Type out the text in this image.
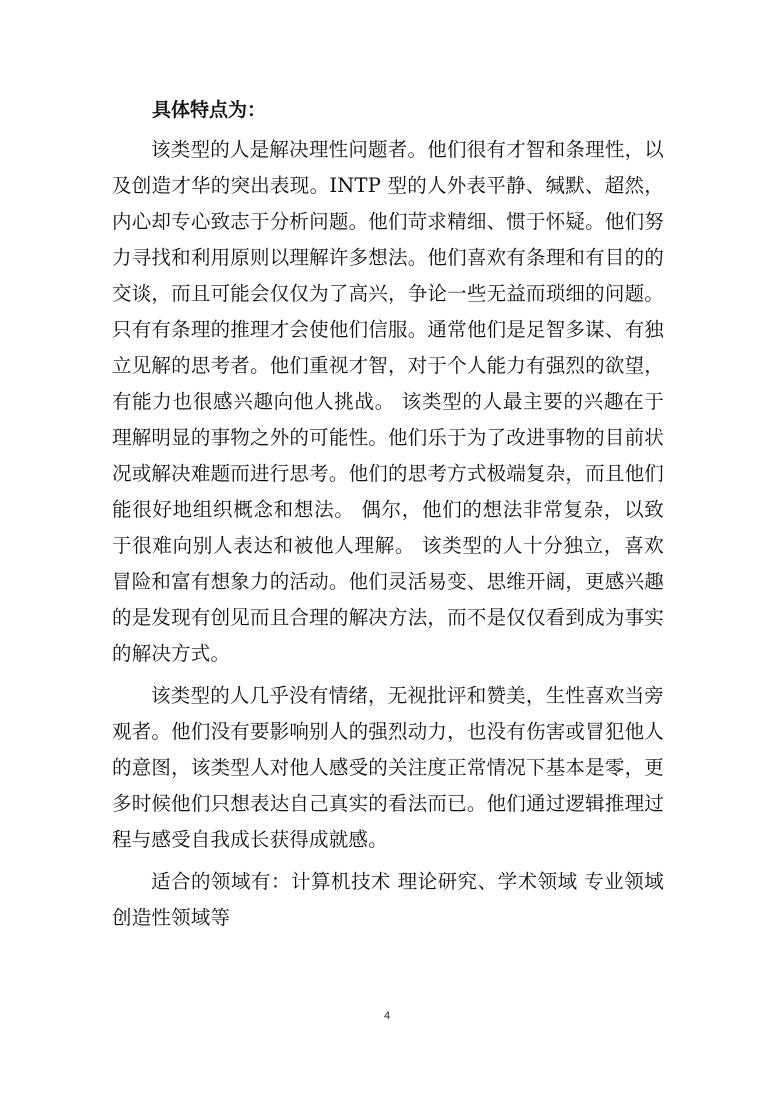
具体特点为：

该类型的人是解决理性问题者。他们很有才智和条理性，以及创造才华的突出表现。INTP 型的人外表平静、缄默、超然，内心却专心致志于分析问题。他们苛求精细、惯于怀疑。他们努力寻找和利用原则以理解许多想法。他们喜欢有条理和有目的的交谈，而且可能会仅仅为了高兴，争论一些无益而琐细的问题。只有有条理的推理才会使他们信服。通常他们是足智多谋、有独立见解的思考者。他们重视才智，对于个人能力有强烈的欲望，有能力也很感兴趣向他人挑战。 该类型的人最主要的兴趣在于理解明显的事物之外的可能性。他们乐于为了改进事物的目前状况或解决难题而进行思考。他们的思考方式极端复杂，而且他们能很好地组织概念和想法。 偶尔，他们的想法非常复杂，以致于很难向别人表达和被他人理解。 该类型的人十分独立，喜欢冒险和富有想象力的活动。他们灵活易变、思维开阔，更感兴趣的是发现有创见而且合理的解决方法，而不是仅仅看到成为事实的解决方式。

该类型的人几乎没有情绪，无视批评和赞美，生性喜欢当旁观者。他们没有要影响别人的强烈动力，也没有伤害或冒犯他人的意图，该类型人对他人感受的关注度正常情况下基本是零，更多时候他们只想表达自己真实的看法而已。他们通过逻辑推理过程与感受自我成长获得成就感。

适合的领域有：计算机技术 理论研究、学术领域 专业领域 创造性领域等

4
